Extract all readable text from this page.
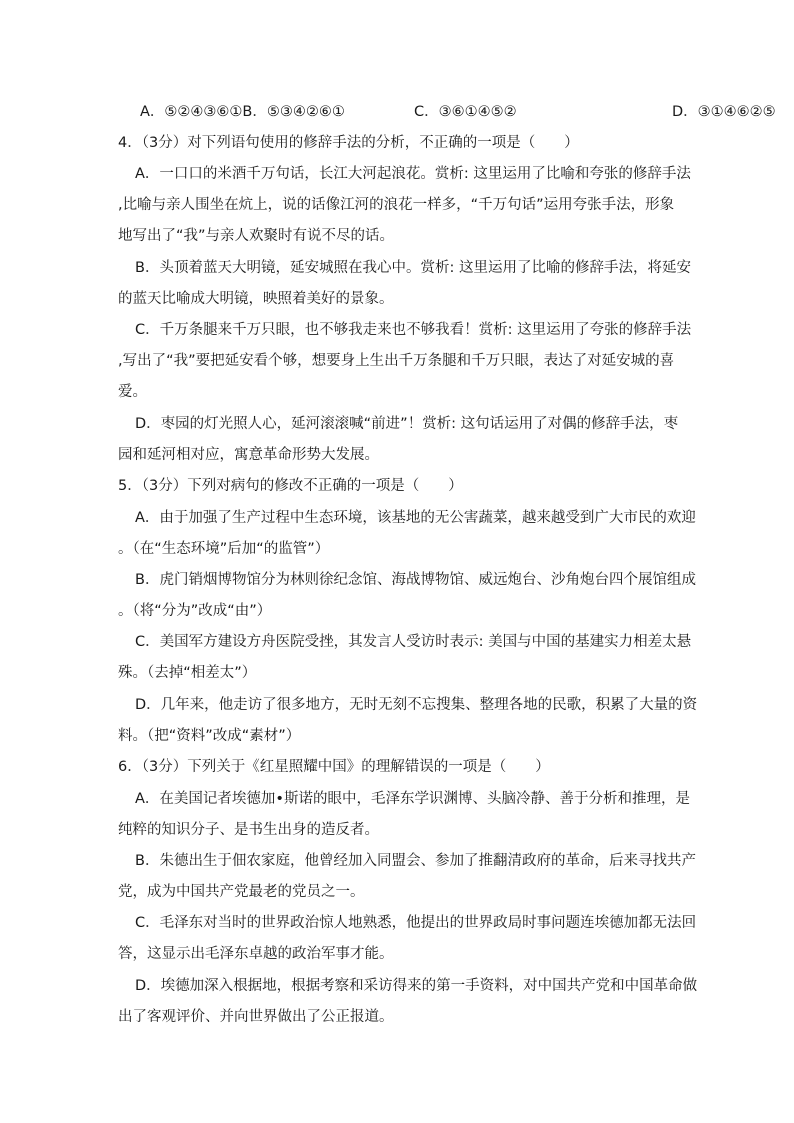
A．⑤②④③⑥①B．⑤③④②⑥①	C．③⑥①④⑤②	D．③①④⑥②⑤
4．（3分）对下列语句使用的修辞手法的分析，不正确的一项是（　　）
A．一口口的米酒千万句话，长江大河起浪花。赏析: 这里运用了比喻和夸张的修辞手法
,比喻与亲人围坐在炕上，说的话像江河的浪花一样多，“千万句话”运用夸张手法，形象
地写出了“我”与亲人欢聚时有说不尽的话。
B．头顶着蓝天大明镜，延安城照在我心中。赏析: 这里运用了比喻的修辞手法，将延安
的蓝天比喻成大明镜，映照着美好的景象。
C．千万条腿来千万只眼，也不够我走来也不够我看！赏析: 这里运用了夸张的修辞手法
,写出了“我”要把延安看个够，想要身上生出千万条腿和千万只眼，表达了对延安城的喜
爱。
D．枣园的灯光照人心，延河滚滚喊“前进”！赏析: 这句话运用了对偶的修辞手法，枣
园和延河相对应，寓意革命形势大发展。
5．（3分）下列对病句的修改不正确的一项是（　　）
A．由于加强了生产过程中生态环境，该基地的无公害蔬菜，越来越受到广大市民的欢迎
。（在“生态环境”后加“的监管”）
B．虎门销烟博物馆分为林则徐纪念馆、海战博物馆、威远炮台、沙角炮台四个展馆组成
。（将“分为”改成“由”）
C．美国军方建设方舟医院受挫，其发言人受访时表示: 美国与中国的基建实力相差太悬
殊。（去掉“相差太”）
D．几年来，他走访了很多地方，无时无刻不忘搜集、整理各地的民歌，积累了大量的资
料。（把“资料”改成“素材”）
6．（3分）下列关于《红星照耀中国》的理解错误的一项是（　　）
A．在美国记者埃德加•斯诺的眼中，毛泽东学识渊博、头脑冷静、善于分析和推理，是
纯粹的知识分子、是书生出身的造反者。
B．朱德出生于佃农家庭，他曾经加入同盟会、参加了推翻清政府的革命，后来寻找共产
党，成为中国共产党最老的党员之一。
C．毛泽东对当时的世界政治惊人地熟悉，他提出的世界政局时事问题连埃德加都无法回
答，这显示出毛泽东卓越的政治军事才能。
D．埃德加深入根据地，根据考察和采访得来的第一手资料，对中国共产党和中国革命做
出了客观评价、并向世界做出了公正报道。
